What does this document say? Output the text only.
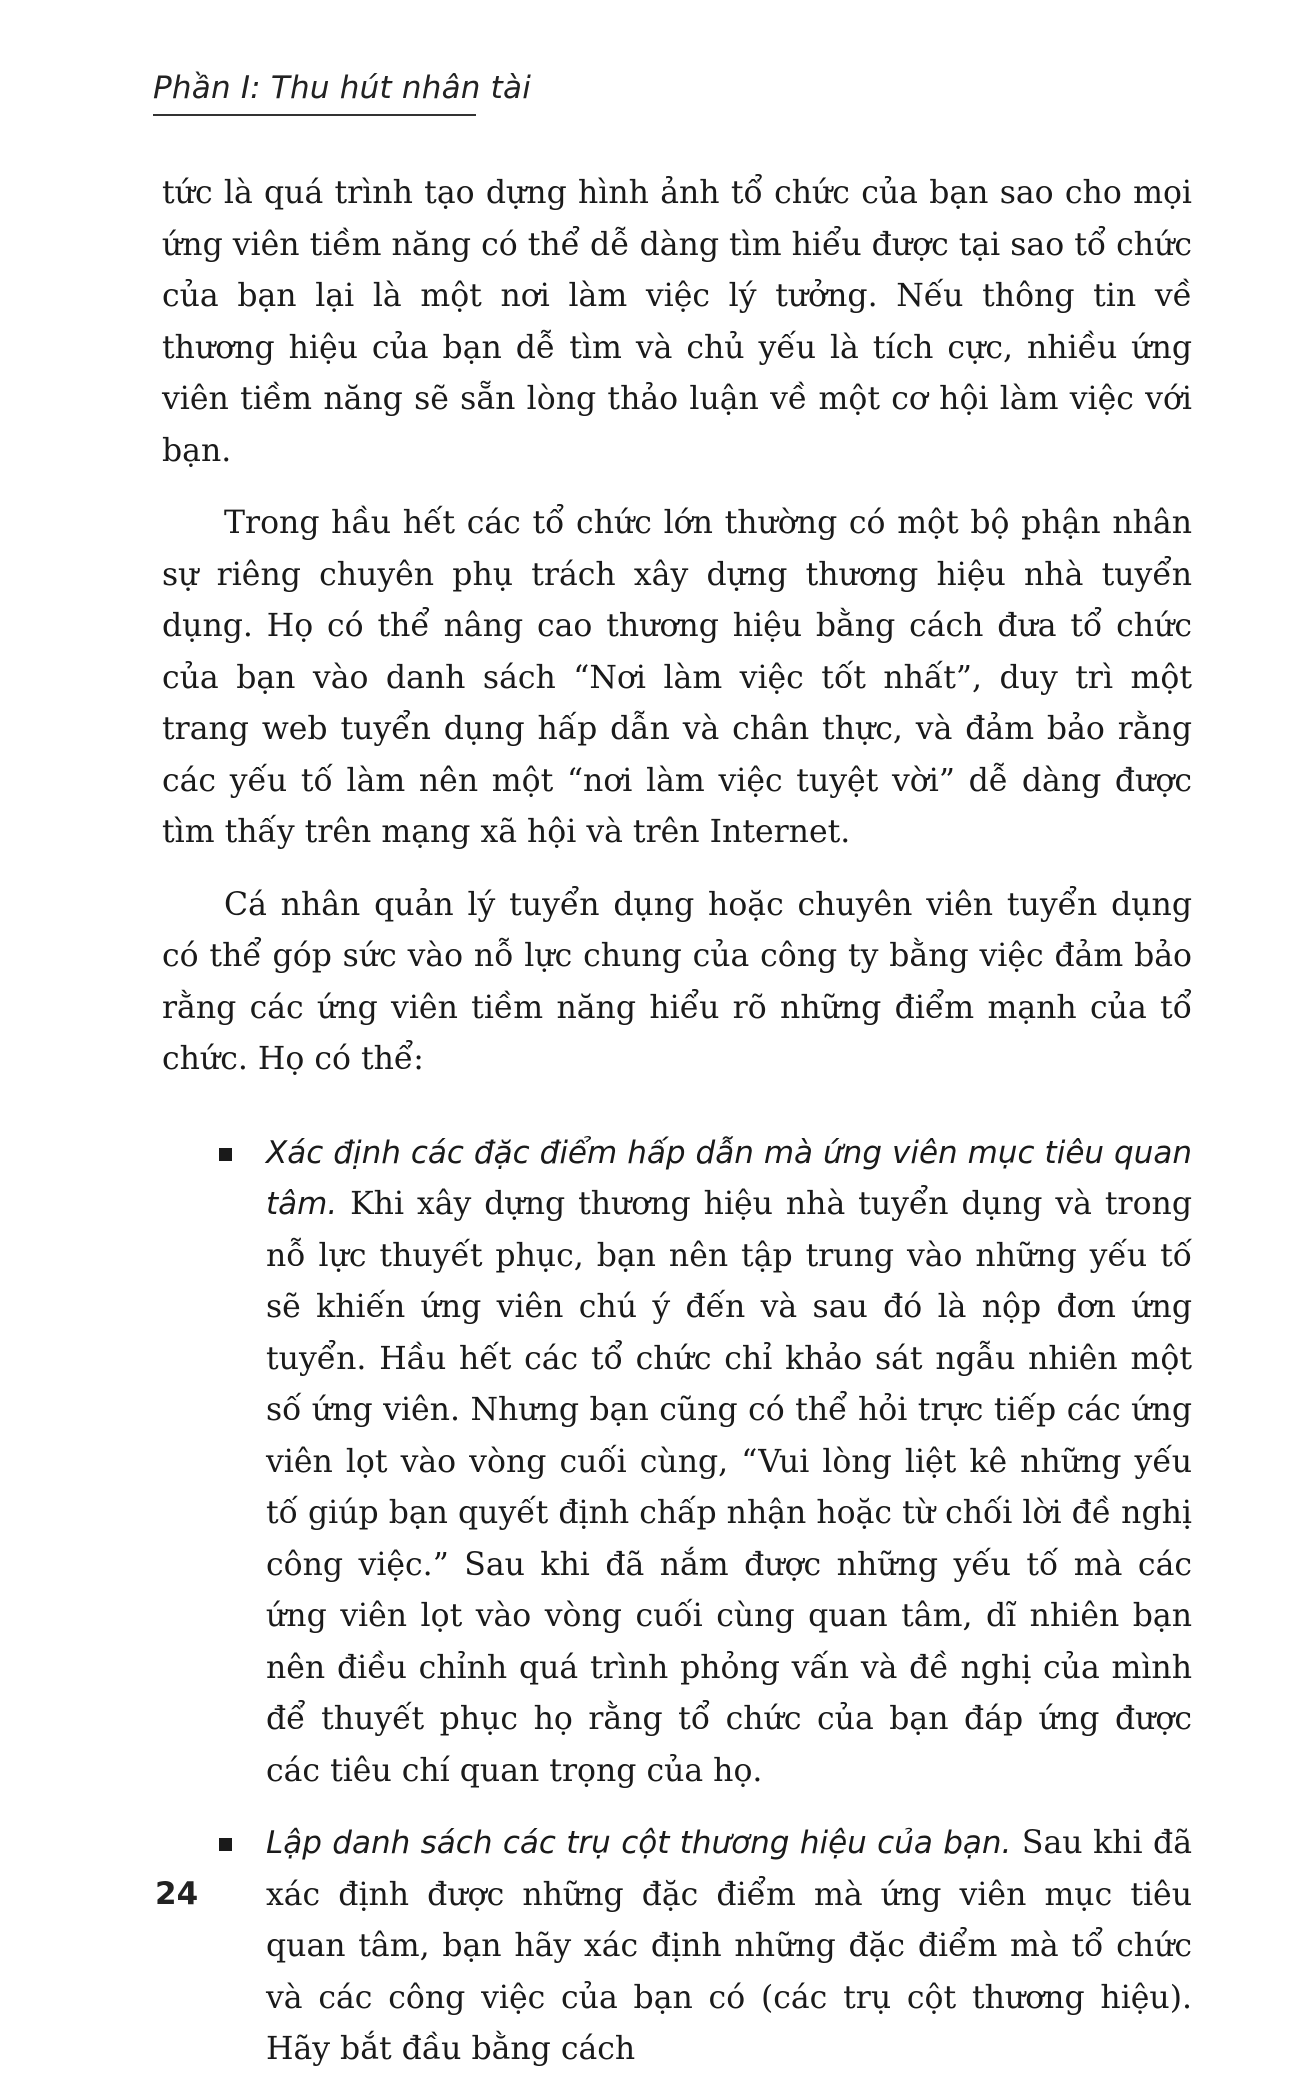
Phần I: Thu hút nhân tài

tức là quá trình tạo dựng hình ảnh tổ chức của bạn sao cho mọi ứng viên tiềm năng có thể dễ dàng tìm hiểu được tại sao tổ chức của bạn lại là một nơi làm việc lý tưởng. Nếu thông tin về thương hiệu của bạn dễ tìm và chủ yếu là tích cực, nhiều ứng viên tiềm năng sẽ sẵn lòng thảo luận về một cơ hội làm việc với bạn.

Trong hầu hết các tổ chức lớn thường có một bộ phận nhân sự riêng chuyên phụ trách xây dựng thương hiệu nhà tuyển dụng. Họ có thể nâng cao thương hiệu bằng cách đưa tổ chức của bạn vào danh sách “Nơi làm việc tốt nhất”, duy trì một trang web tuyển dụng hấp dẫn và chân thực, và đảm bảo rằng các yếu tố làm nên một “nơi làm việc tuyệt vời” dễ dàng được tìm thấy trên mạng xã hội và trên Internet.

Cá nhân quản lý tuyển dụng hoặc chuyên viên tuyển dụng có thể góp sức vào nỗ lực chung của công ty bằng việc đảm bảo rằng các ứng viên tiềm năng hiểu rõ những điểm mạnh của tổ chức. Họ có thể:

Xác định các đặc điểm hấp dẫn mà ứng viên mục tiêu quan tâm. Khi xây dựng thương hiệu nhà tuyển dụng và trong nỗ lực thuyết phục, bạn nên tập trung vào những yếu tố sẽ khiến ứng viên chú ý đến và sau đó là nộp đơn ứng tuyển. Hầu hết các tổ chức chỉ khảo sát ngẫu nhiên một số ứng viên. Nhưng bạn cũng có thể hỏi trực tiếp các ứng viên lọt vào vòng cuối cùng, “Vui lòng liệt kê những yếu tố giúp bạn quyết định chấp nhận hoặc từ chối lời đề nghị công việc.” Sau khi đã nắm được những yếu tố mà các ứng viên lọt vào vòng cuối cùng quan tâm, dĩ nhiên bạn nên điều chỉnh quá trình phỏng vấn và đề nghị của mình để thuyết phục họ rằng tổ chức của bạn đáp ứng được các tiêu chí quan trọng của họ.
Lập danh sách các trụ cột thương hiệu của bạn. Sau khi đã xác định được những đặc điểm mà ứng viên mục tiêu quan tâm, bạn hãy xác định những đặc điểm mà tổ chức và các công việc của bạn có (các trụ cột thương hiệu). Hãy bắt đầu bằng cách
24
